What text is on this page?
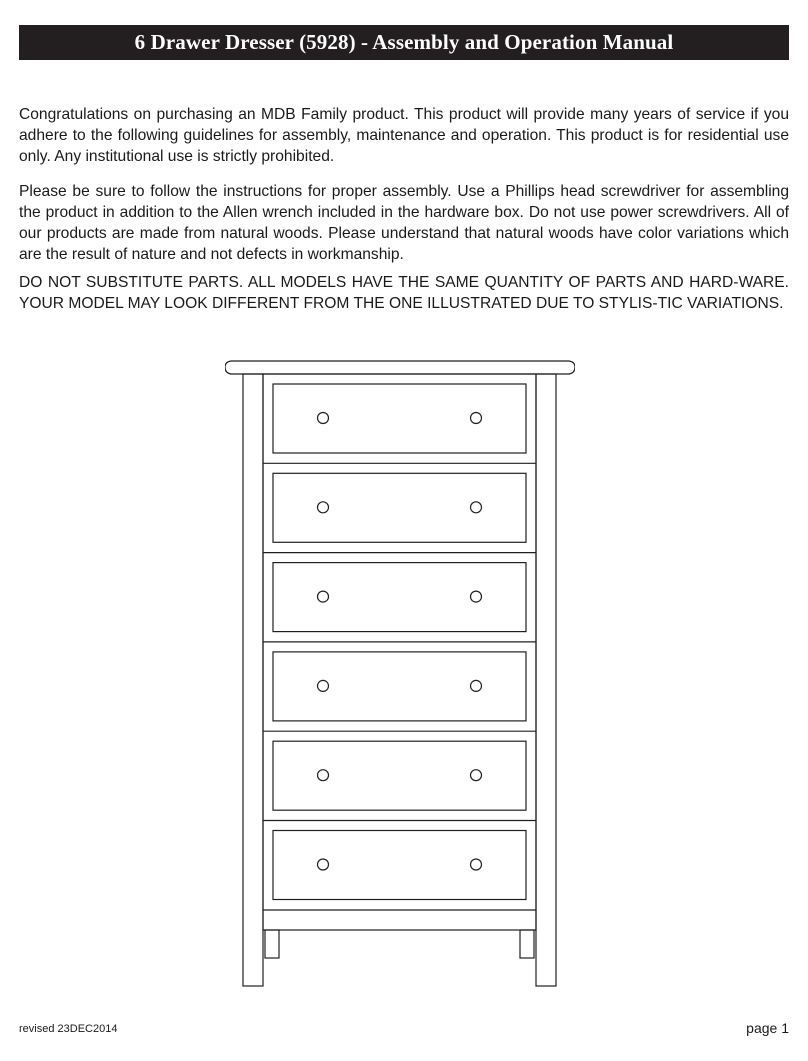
6 Drawer Dresser (5928) - Assembly and Operation Manual

Congratulations on purchasing an MDB Family product. This product will provide many years of service if you adhere to the following guidelines for assembly, maintenance and operation. This product is for residential use only. Any institutional use is strictly prohibited.

Please be sure to follow the instructions for proper assembly. Use a Phillips head screwdriver for assembling the product in addition to the Allen wrench included in the hardware box. Do not use power screwdrivers. All of our products are made from natural woods. Please understand that natural woods have color variations which are the result of nature and not defects in workmanship.

DO NOT SUBSTITUTE PARTS. ALL MODELS HAVE THE SAME QUANTITY OF PARTS AND HARD-WARE. YOUR MODEL MAY LOOK DIFFERENT FROM THE ONE ILLUSTRATED DUE TO STYLIS-TIC VARIATIONS.

revised 23DEC2014	page 1
